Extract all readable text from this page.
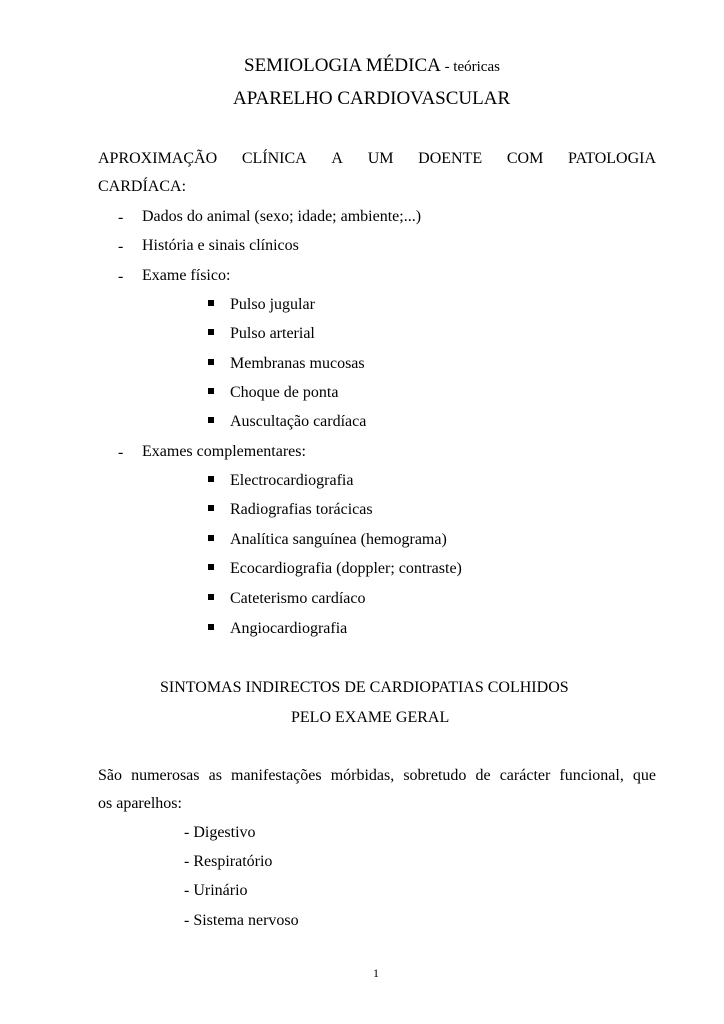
SEMIOLOGIA MÉDICA - teóricas
APARELHO CARDIOVASCULAR
APROXIMAÇÃO CLÍNICA A UM DOENTE COM PATOLOGIA
CARDÍACA:
- Dados do animal (sexo; idade; ambiente;...)
- História e sinais clínicos
- Exame físico:
Pulso jugular
Pulso arterial
Membranas mucosas
Choque de ponta
Auscultação cardíaca
- Exames complementares:
Electrocardiografia
Radiografias torácicas
Analítica sanguínea (hemograma)
Ecocardiografia (doppler; contraste)
Cateterismo cardíaco
Angiocardiografia
SINTOMAS INDIRECTOS DE CARDIOPATIAS COLHIDOS
PELO EXAME GERAL
São numerosas as manifestações mórbidas, sobretudo de carácter funcional, que
os aparelhos:
- Digestivo
- Respiratório
- Urinário
- Sistema nervoso
1
